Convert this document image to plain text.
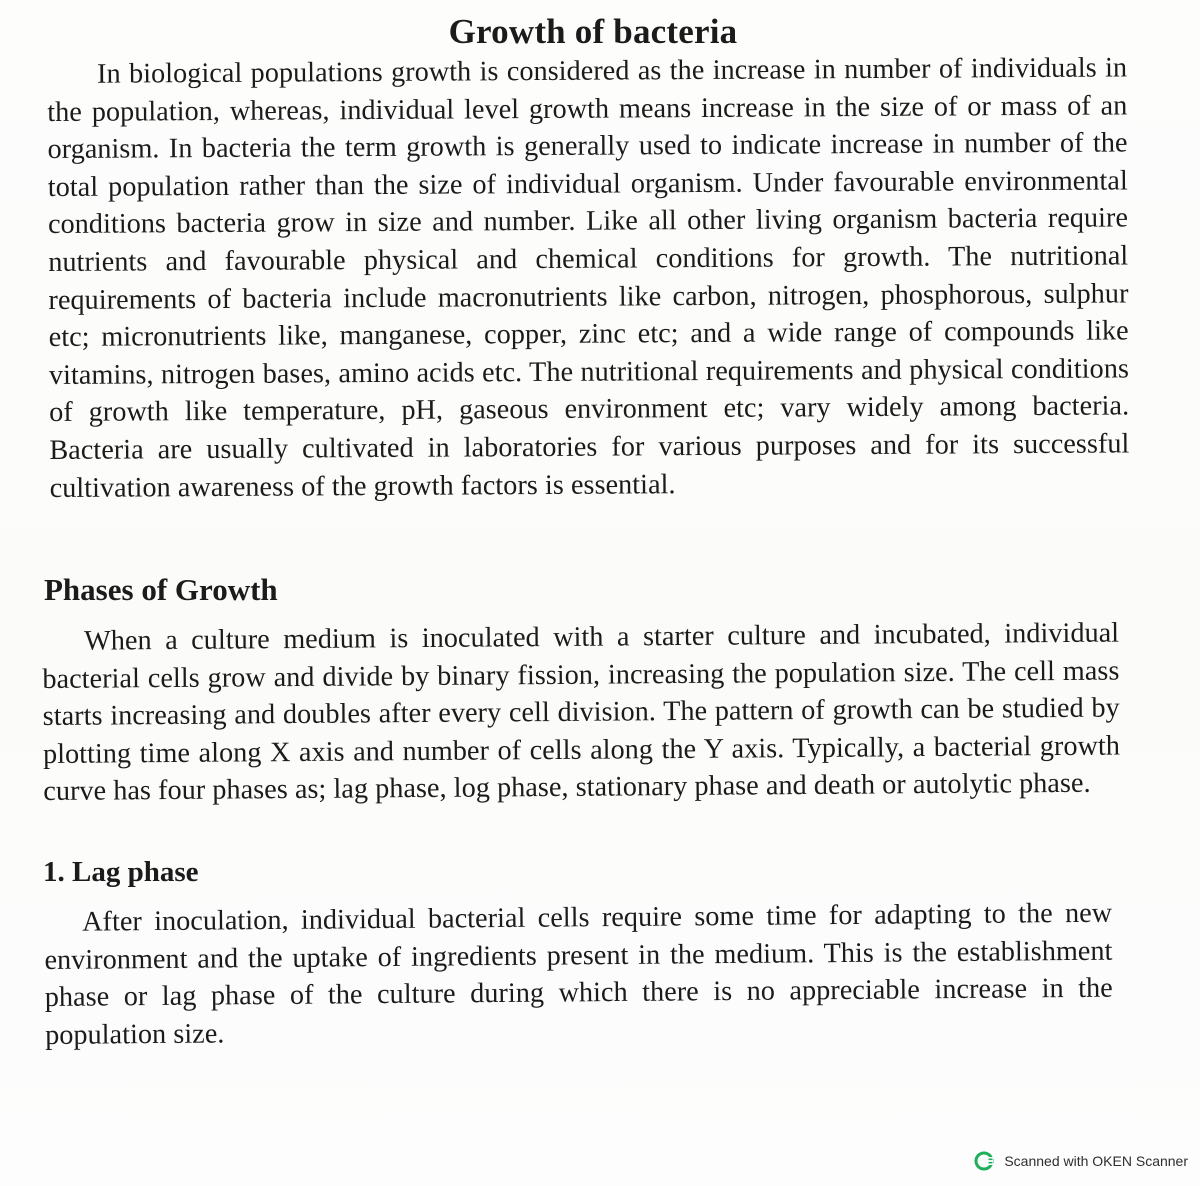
Growth of bacteria

In biological populations growth is considered as the increase in number of individuals in the population, whereas, individual level growth means increase in the size of or mass of an organism. In bacteria the term growth is generally used to indicate increase in number of the total population rather than the size of individual organism. Under favourable environmental conditions bacteria grow in size and number. Like all other living organism bacteria require nutrients and favourable physical and chemical conditions for growth. The nutritional requirements of bacteria include macronutrients like carbon, nitrogen, phosphorous, sulphur etc; micronutrients like, manganese, copper, zinc etc; and a wide range of compounds like vitamins, nitrogen bases, amino acids etc. The nutritional requirements and physical conditions of growth like temperature, pH, gaseous environment etc; vary widely among bacteria. Bacteria are usually cultivated in laboratories for various purposes and for its successful cultivation awareness of the growth factors is essential.

Phases of Growth

When a culture medium is inoculated with a starter culture and incubated, individual bacterial cells grow and divide by binary fission, increasing the population size. The cell mass starts increasing and doubles after every cell division. The pattern of growth can be studied by plotting time along X axis and number of cells along the Y axis. Typically, a bacterial growth curve has four phases as; lag phase, log phase, stationary phase and death or autolytic phase.

1. Lag phase

After inoculation, individual bacterial cells require some time for adapting to the new environment and the uptake of ingredients present in the medium. This is the establishment phase or lag phase of the culture during which there is no appreciable increase in the population size.

Scanned with OKEN Scanner
